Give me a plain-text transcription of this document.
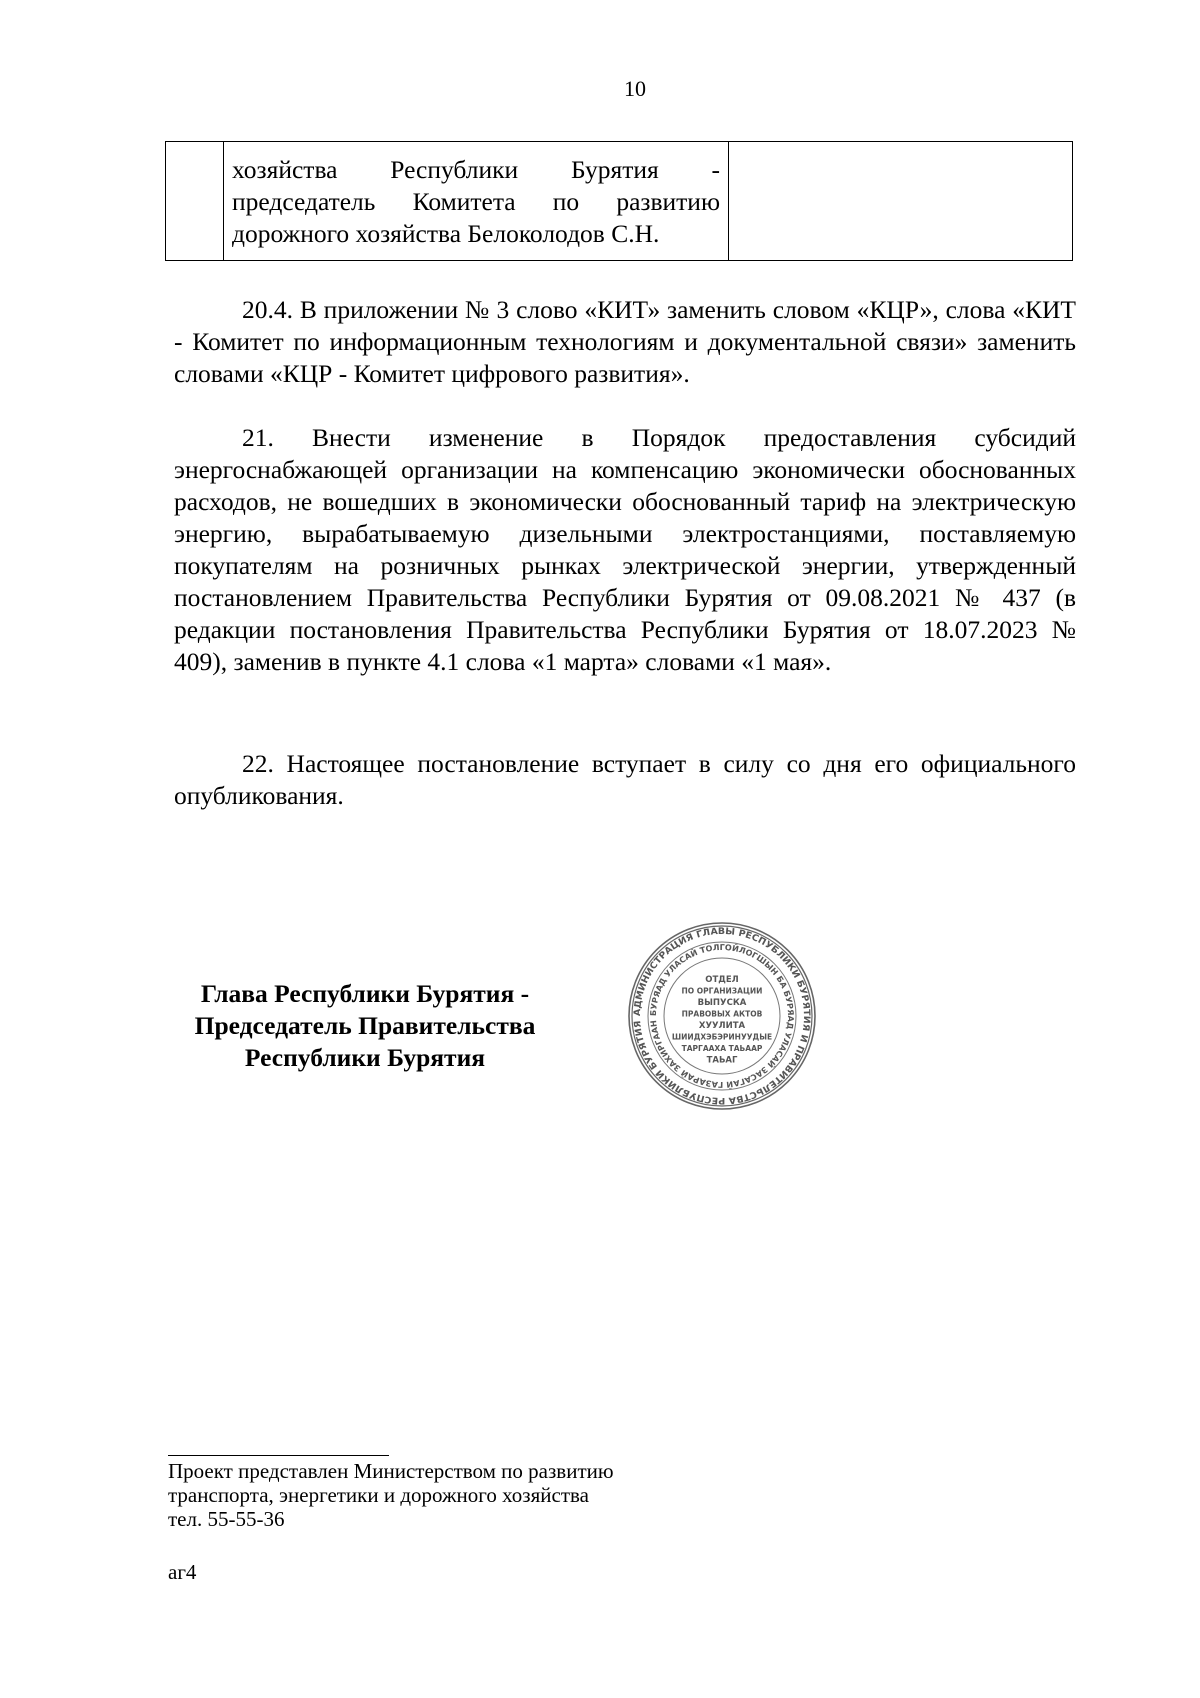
10
	хозяйства Республики Бурятия - председатель Комитета по развитию дорожного хозяйства Белоколодов С.Н.	

20.4. В приложении № 3 слово «КИТ» заменить словом «КЦР», слова «КИТ - Комитет по информационным технологиям и документальной связи» заменить словами «КЦР - Комитет цифрового развития».

21. Внести изменение в Порядок предоставления субсидий энергоснабжающей организации на компенсацию экономически обоснованных расходов, не вошедших в экономически обоснованный тариф на электрическую энергию, вырабатываемую дизельными электростанциями, поставляемую покупателям на розничных рынках электрической энергии, утвержденный постановлением Правительства Республики Бурятия от 09.08.2021 № 437 (в редакции постановления Правительства Республики Бурятия от 18.07.2023 № 409), заменив в пункте 4.1 слова «1 марта» словами «1 мая».

22. Настоящее постановление вступает в силу со дня его официального опубликования.

Глава Республики Бурятия -
Председатель Правительства
Республики Бурятия
АДМИНИСТРАЦИЯ ГЛАВЫ РЕСПУБЛИКИ БУРЯТИЯ И ПРАВИТЕЛЬСТВА РЕСПУБЛИКИ БУРЯТИЯ
БУРЯАД УЛАСАЙ ТОЛГОЙЛОГШЫН БА БУРЯАД УЛАСАЙ ЗАСАГАЙ ГАЗАРАЙ ЗАХИРГААН
ОТДЕЛ
ПО ОРГАНИЗАЦИИ
ВЫПУСКА
ПРАВОВЫХ АКТОВ
ХУУЛИТА
ШИИДХЭБЭРИНУУДЫЕ
ТАРГААХА ТАЬААР
ТАЬАГ
Проект представлен Министерством по развитию
транспорта, энергетики и дорожного хозяйства
тел. 55-55-36
аг4
